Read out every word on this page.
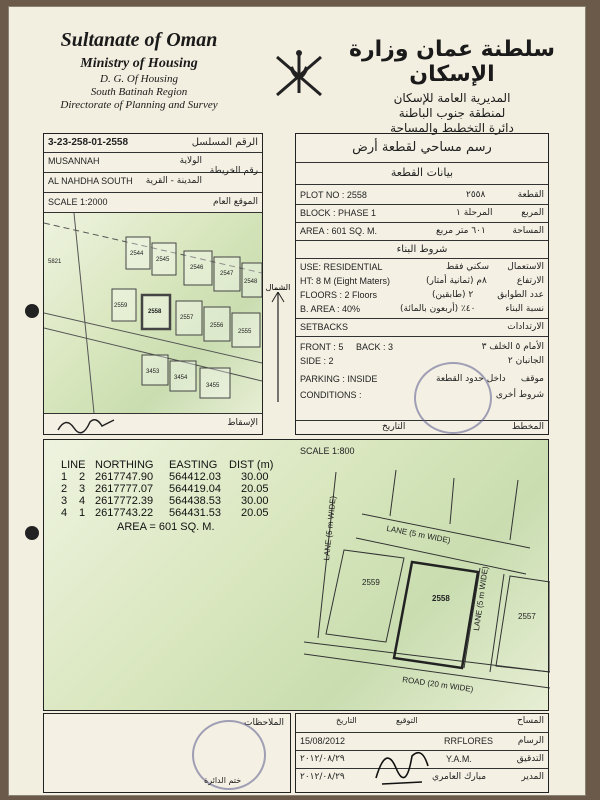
Sultanate of Oman
Ministry of Housing
D. G. Of Housing
South Batinah Region
Directorate of Planning and Survey
سلطنة عمان وزارة الإسكان
المديرية العامة للإسكان
لمنطقة جنوب الباطنة
دائرة التخطيط والمساحة
3-23-258-01-2558	الرقم المسلسل
MUSANNAH	الولاية
رقم الخريطة
AL NAHDHA SOUTH المدينة - القرية
SCALE 1:2000	الموقع العام
5821
2544
2545
2546
2547
2548
2559
2558
2557
2556
2555
3453
3454
3455
الإسقاط
الشمال
رسم مساحي لقطعة أرض
بيانات القطعة
PLOT NO : 2558	٢٥٥٨	القطعة
BLOCK : PHASE 1	المرحلة ١	المربع
AREA : 601 SQ. M.	٦٠١ متر مربع	المساحة
شروط البناء
USE: RESIDENTIAL	سكني فقط الاستعمال
HT: 8 M (Eight Maters)	٨م (ثمانية أمتار)	الارتفاع
FLOORS : 2 Floors	٢ (طابقين)	عدد الطوابق
B. AREA : 40%	٤٠٪ (أربعون بالمائة)	نسبة البناء
SETBACKS	الارتدادات
FRONT : 5 BACK : 3	الأمام ٥ الخلف ٣
SIDE : 2	الجانبان ٢
PARKING : INSIDE	داخل حدود القطعة موقف
CONDITIONS :	شروط أخرى
التاريخ	المخطط
SCALE 1:800
LANE (5 m WIDE)
LANE (5 m WIDE)
LANE (5 m WIDE)
ROAD (20 m WIDE)
2559
2558
2557
LINE NORTHING	EASTING	DIST (m)
1	2 2617747.90	564412.03	30.00
2	3 2617777.07	564419.04	20.05
3	4 2617772.39	564438.53	30.00
4	1 2617743.22	564431.53	20.05
AREA = 601 SQ. M.
الملاحظات
ختم الدائرة
التوقيع
التاريخ	المساح
15/08/2012	RRFLORES	الرسام
٢٠١٢/٠٨/٢٩	Y.A.M.	التدقيق
٢٠١٢/٠٨/٢٩	مبارك العامري	المدير
